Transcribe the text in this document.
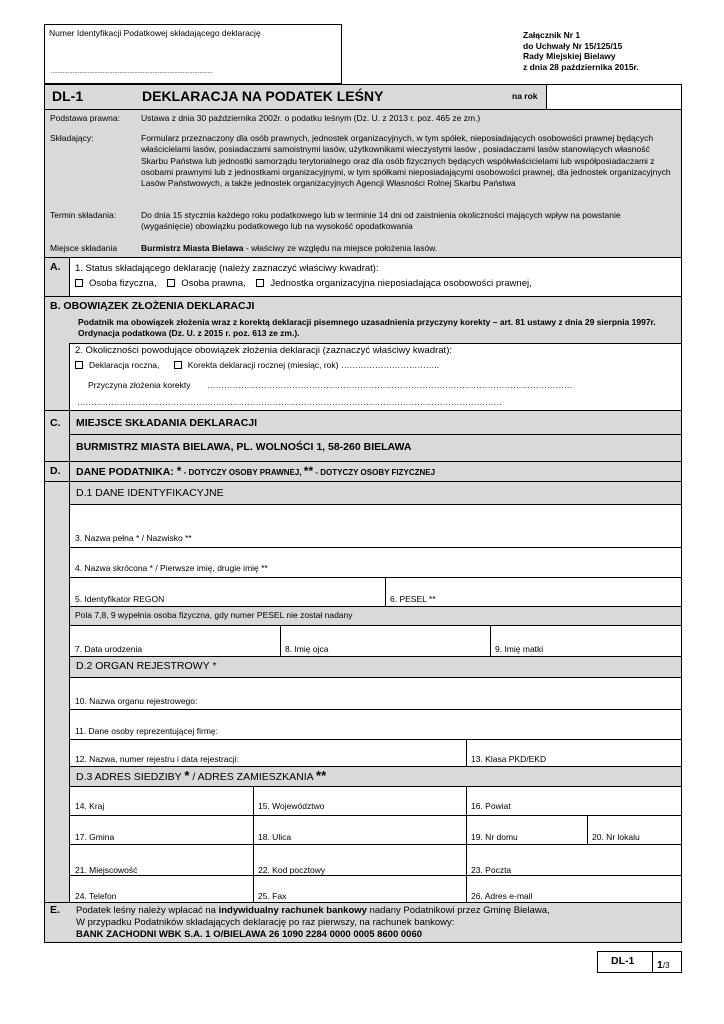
Numer Identyfikacji Podatkowej składającego deklarację
.................................................................................................
Załącznik Nr 1
do Uchwały Nr 15/125/15
Rady Miejskiej Bielawy
z dnia 28 października 2015r.
DL-1	DEKLARACJA NA PODATEK LEŚNY	na rok
Podstawa prawna: Ustawa z dnia 30 października 2002r. o podatku leśnym (Dz. U. z 2013 r. poz. 465 ze zm.)
Składający:	Formularz przeznaczony dla osób prawnych, jednostek organizacyjnych, w tym spółek, nieposiadających osobowości prawnej będących właścicielami lasów, posiadaczami samoistnymi lasów, użytkownikami wieczystymi lasów , posiadaczami lasów stanowiących własność Skarbu Państwa lub jednostki samorządu terytorialnego oraz dla osób fizycznych będących współwłaścicielami lub współposiadaczami z osobami prawnymi lub z jednostkami organizacyjnymi, w tym spółkami nieposiadającymi osobowości prawnej, dla jednostek organizacyjnych Lasów Państwowych, a także jednostek organizacyjnych Agencji Własności Rolnej Skarbu Państwa
Termin składania:	Do dnia 15 stycznia każdego roku podatkowego lub w terminie 14 dni od zaistnienia okoliczności mających wpływ na powstanie (wygaśnięcie) obowiązku podatkowego lub na wysokość opodatkowania
Miejsce składania	Burmistrz Miasta Bielawa - właściwy ze względu na miejsce położenia lasów.
A. 1. Status składającego deklarację (należy zaznaczyć właściwy kwadrat):
Osoba fizyczna,	Osoba prawna,	Jednostka organizacyjna nieposiadająca osobowości prawnej,
B. OBOWIĄZEK ZŁOŻENIA DEKLARACJI
Podatnik ma obowiązek złożenia wraz z korektą deklaracji pisemnego uzasadnienia przyczyny korekty – art. 81 ustawy z dnia 29 sierpnia 1997r. Ordynacja podatkowa (Dz. U. z 2015 r. poz. 613 ze zm.).
2. Okoliczności powodujące obowiązek złożenia deklaracji (zaznaczyć właściwy kwadrat):
Deklaracja roczna,	Korekta deklaracji rocznej (miesiąc, rok) ……………………………..
Przyczyna złożenia korekty …………………………………………………………………………………………………………………
……………………………………………………………………………………………………………………………………
C. MIEJSCE SKŁADANIA DEKLARACJI
BURMISTRZ MIASTA BIELAWA, PL. WOLNOŚCI 1, 58-260 BIELAWA
D. DANE PODATNIKA: * - DOTYCZY OSOBY PRAWNEJ, ** - DOTYCZY OSOBY FIZYCZNEJ
D.1 DANE IDENTYFIKACYJNE
3. Nazwa pełna * / Nazwisko **
4. Nazwa skrócona * / Pierwsze imię, drugie imię **
5. Identyfikator REGON	6. PESEL **
Pola 7,8, 9 wypełnia osoba fizyczna, gdy numer PESEL nie został nadany
7. Data urodzenia	8. Imię ojca	9. Imię matki
D.2 ORGAN REJESTROWY *
10. Nazwa organu rejestrowego:
11. Dane osoby reprezentującej firmę:
12. Nazwa, numer rejestru i data rejestracji:	13. Klasa PKD/EKD
D.3 ADRES SIEDZIBY * / ADRES ZAMIESZKANIA **
14. Kraj	15. Województwo	16. Powiat
17. Gmina	18. Ulica	19. Nr domu	20. Nr lokalu
21. Miejscowość	22. Kod pocztowy	23. Poczta
24. Telefon	25. Fax	26. Adres e-mail
E. Podatek leśny należy wpłacać na indywidualny rachunek bankowy nadany Podatnikowi przez Gminę Bielawa,
W przypadku Podatników składających deklarację po raz pierwszy, na rachunek bankowy:
BANK ZACHODNI WBK S.A. 1 O/BIELAWA 26 1090 2284 0000 0005 8600 0060
DL-1 1/3
